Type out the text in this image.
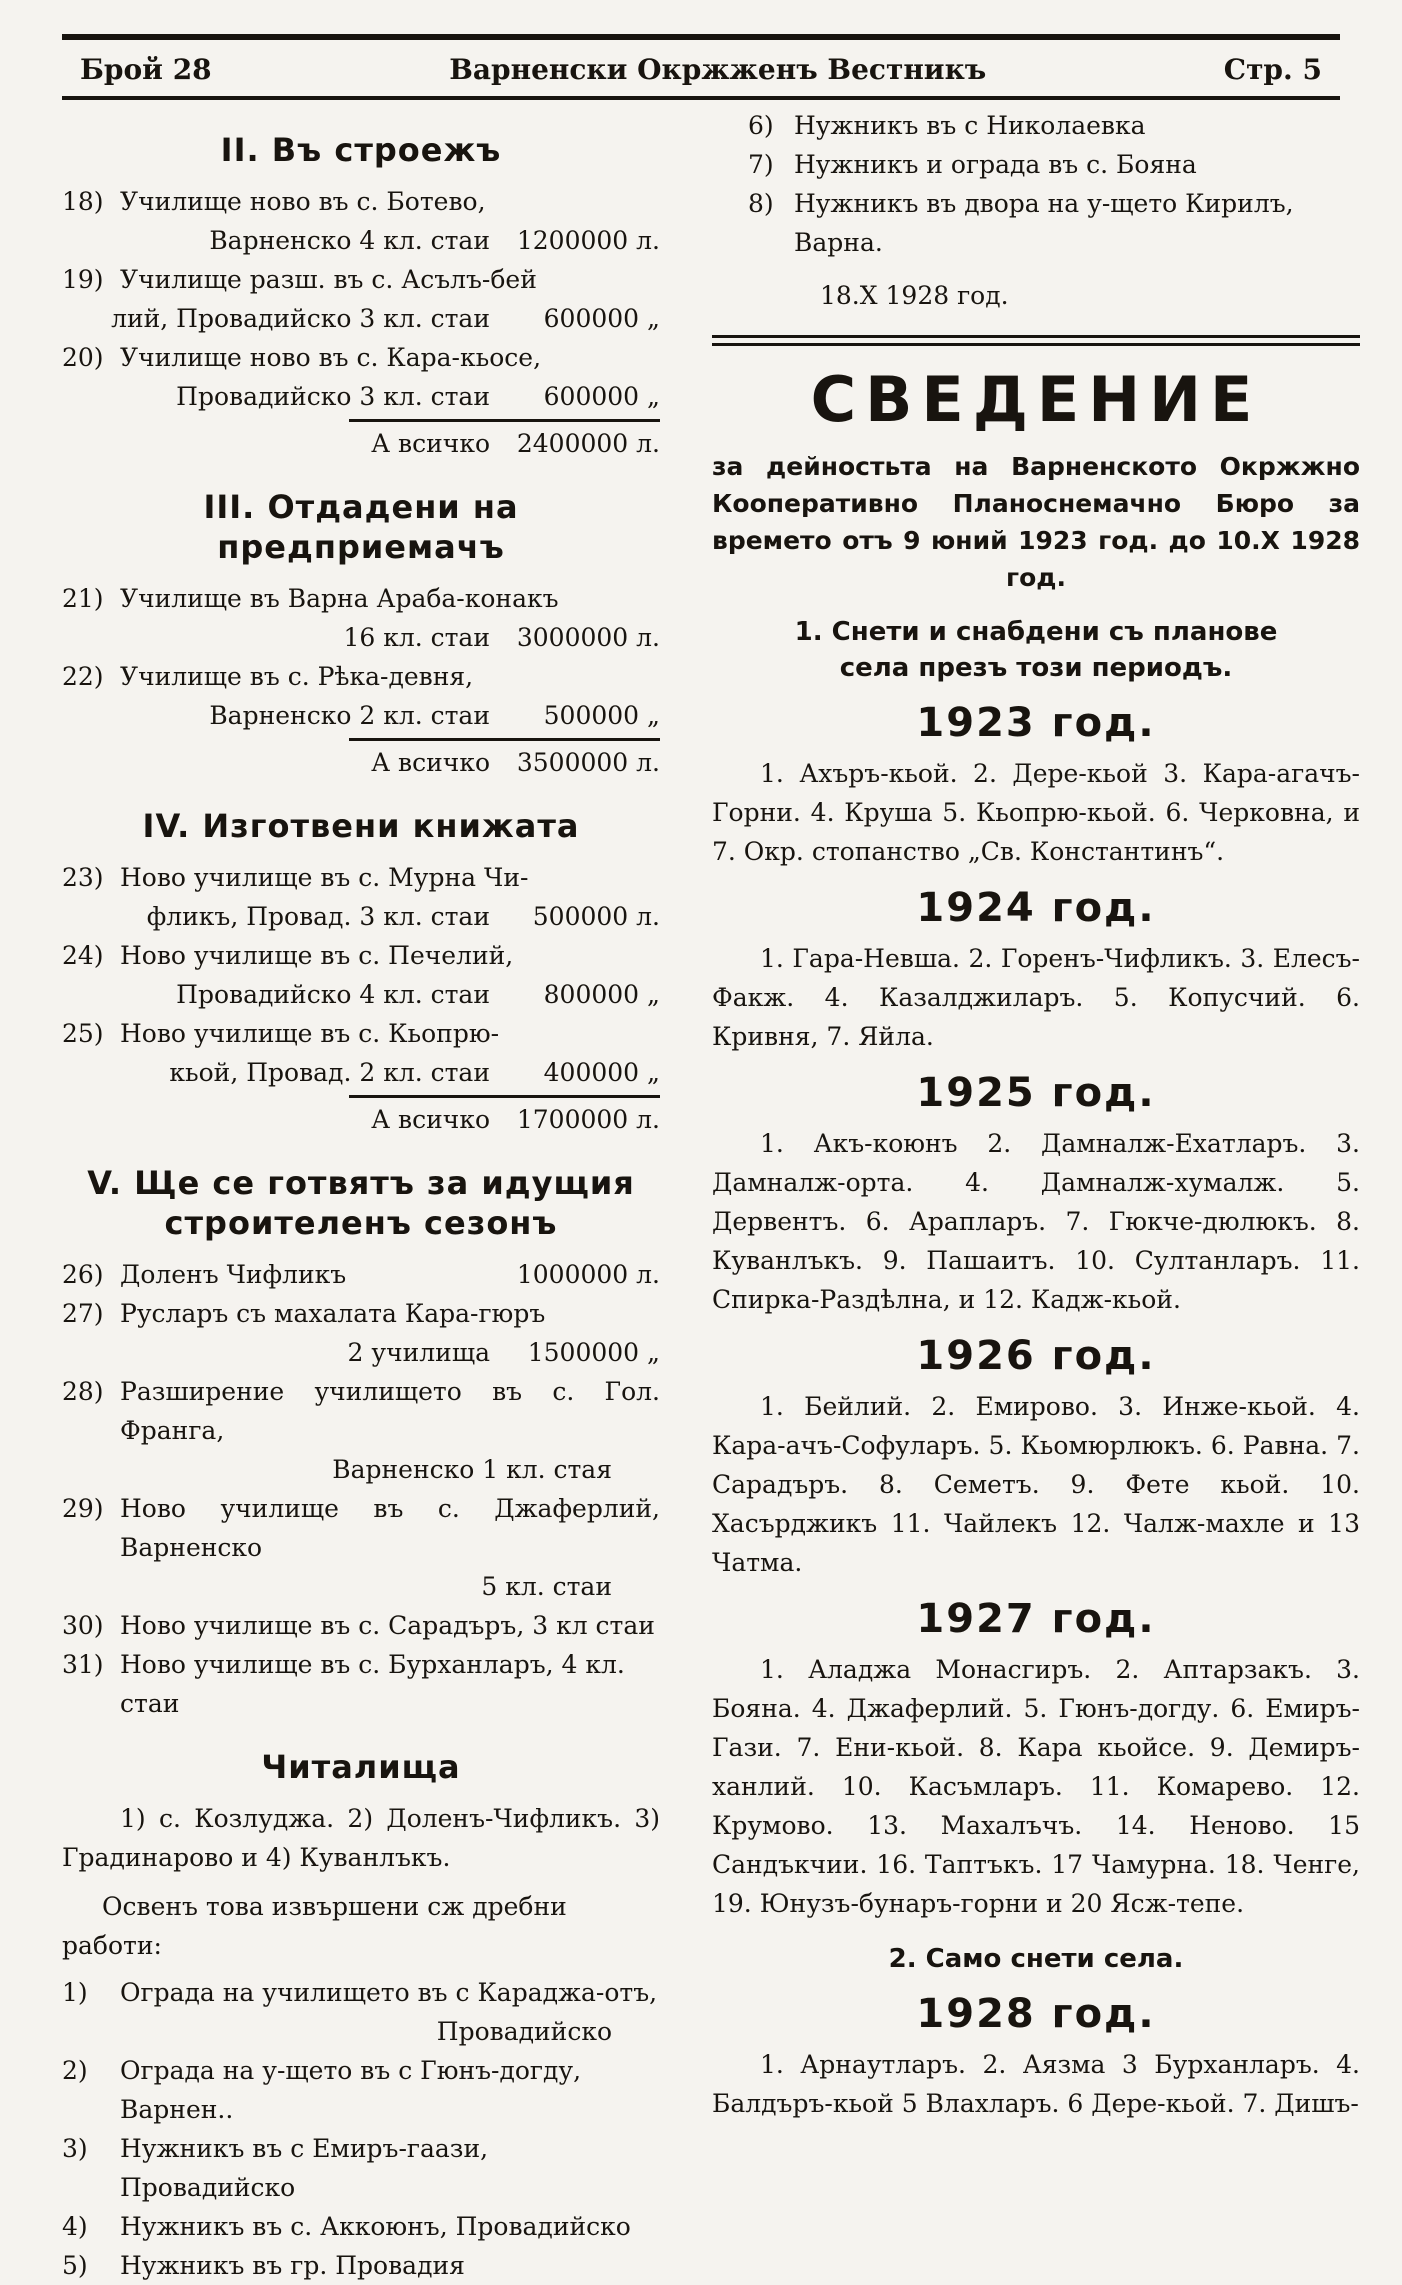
Брой 28	Варненски Окржженъ Вестникъ	Стр. 5
II. Въ строежъ
18) Училище ново въ с. Ботево,
Варненско 4 кл. стаи	1200000 л.
19) Училище разш. въ с. Асълъ-бей
лий, Провадийско 3 кл. стаи	600000 „
20) Училище ново въ с. Кара-кьосе,
Провадийско 3 кл. стаи	600000 „
А всичко	2400000 л.
III. Отдадени на предприемачъ
21) Училище въ Варна Араба-конакъ
16 кл. стаи	3000000 л.
22) Училище въ с. Рѣка-девня,
Варненско 2 кл. стаи	500000 „
А всичко	3500000 л.
IV. Изготвени книжата
23) Ново училище въ с. Мурна Чи-
фликъ, Провад. 3 кл. стаи	500000 л.
24) Ново училище въ с. Печелий,
Провадийско 4 кл. стаи	800000 „
25) Ново училище въ с. Кьопрю-
кьой, Провад. 2 кл. стаи	400000 „
А всичко	1700000 л.
V. Ще се готвятъ за идущия
строителенъ сезонъ
26) Доленъ Чифликъ	1000000 л.
27) Русларъ съ махалата Кара-гюръ
2 училища	1500000 „
28) Разширение училището въ с. Гол. Франга,
Варненско 1 кл. стая
29) Ново училище въ с. Джаферлий, Варненско
5 кл. стаи
30) Ново училище въ с. Сарадъръ, 3 кл стаи
31) Ново училище въ с. Бурханларъ, 4 кл. стаи
Читалища
1) с. Козлуджа. 2) Доленъ-Чифликъ. 3) Градинарово и 4) Куванлъкъ.
Освенъ това извършени сж дребни работи:
1)	Ограда на училището въ с Караджа-отъ,
Провадийско
2)	Ограда на у-щето въ с Гюнъ-догду, Варнен..
3)	Нужникъ въ с Емиръ-гаази, Провадийско
4)	Нужникъ въ с. Аккоюнъ, Провадийско
5)	Нужникъ въ гр. Провадия
6) Нужникъ въ с Николаевка
7) Нужникъ и ограда въ с. Бояна
8) Нужникъ въ двора на у-щето Кирилъ, Варна.
18.X 1928 год.
СВЕДЕНИЕ
за дейностьта на Варненското Окржжно Кооперативно Планоснемачно Бюро за времето отъ 9 юний 1923 год. до 10.X 1928 год.
1. Снети и снабдени съ планове села презъ този периодъ.
1923 год.
1. Ахъръ-кьой. 2. Дере-кьой 3. Кара-агачъ-Горни. 4. Круша 5. Кьопрю-кьой. 6. Черковна, и 7. Окр. стопанство „Св. Константинъ“.
1924 год.
1. Гара-Невша. 2. Горенъ-Чифликъ. 3. Елесъ-Факж. 4. Казалджиларъ. 5. Копусчий. 6. Кривня, 7. Яйла.
1925 год.
1. Акъ-коюнъ 2. Дамналж-Ехатларъ. 3. Дамналж-орта. 4. Дамналж-хумалж. 5. Дервентъ. 6. Арапларъ. 7. Гюкче-дюлюкъ. 8. Куванлъкъ. 9. Пашаитъ. 10. Султанларъ. 11. Спирка-Раздѣлна, и 12. Кадж-кьой.
1926 год.
1. Бейлий. 2. Емирово. 3. Инже-кьой. 4. Кара-ачъ-Софуларъ. 5. Кьомюрлюкъ. 6. Равна. 7. Сарадъръ. 8. Семетъ. 9. Фете кьой. 10. Хасърджикъ 11. Чайлекъ 12. Чалж-махле и 13 Чатма.
1927 год.
1. Аладжа Монасгиръ. 2. Аптарзакъ. 3. Бояна. 4. Джаферлий. 5. Гюнъ-догду. 6. Емиръ-Гази. 7. Ени-кьой. 8. Кара кьойсе. 9. Демиръ-ханлий. 10. Касъмларъ. 11. Комарево. 12. Крумово. 13. Махалъчъ. 14. Неново. 15 Сандъкчии. 16. Таптъкъ. 17 Чамурна. 18. Ченге, 19. Юнузъ-бунаръ-горни и 20 Ясж-тепе.
2. Само снети села.
1928 год.
1. Арнаутларъ. 2. Аязма 3 Бурханларъ. 4. Балдъръ-кьой 5 Влахларъ. 6 Дере-кьой. 7. Дишъ-
